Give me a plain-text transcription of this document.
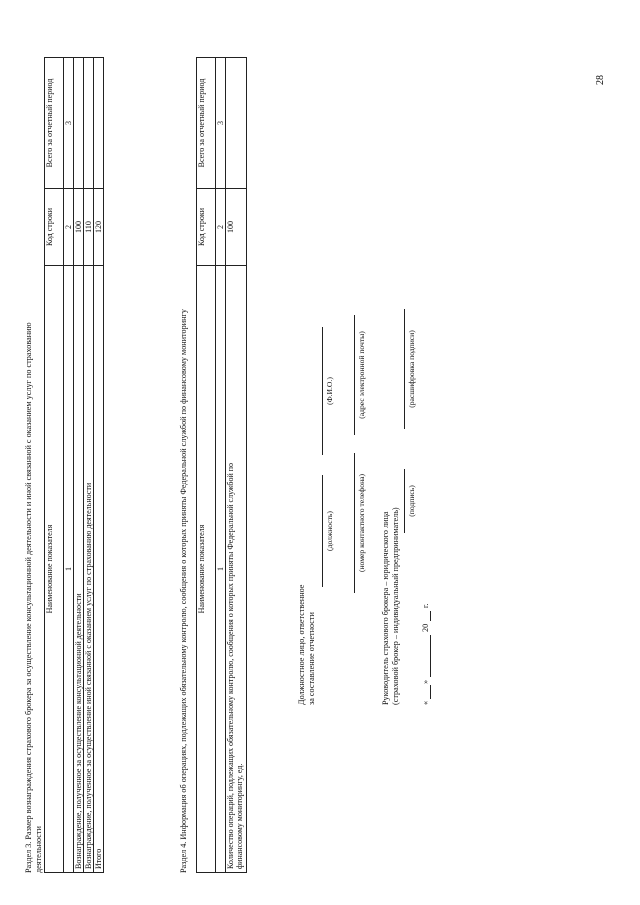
28
Раздел 3. Размер вознаграждения страхового брокера за осуществление консультационной деятельности и иной связанной с оказанием услуг по страхованию деятельности
Наименование показателя	Код строки	Всего за отчетный период
1	2	3
Вознаграждение, полученное за осуществление консультационной деятельности	100	
Вознаграждение, полученное за осуществление иной связанной с оказанием услуг по страхованию деятельности	110	
Итого	120	
Раздел 4. Информация об операциях, подлежащих обязательному контролю, сообщения о которых приняты Федеральной службой по финансовому мониторингу Наименование показателя	Код строки	Всего за отчетный период
1	2	3

Количество операций, подлежащих обязательному контролю, сообщения о которых приняты Федеральной службой по финансовому мониторингу, ед.	100	
Должностное лицо, ответственное за составление отчетности
(должность)
(Ф.И.О.)
(номер контактного телефона)
(адрес электронной почты)
Руководитель страхового брокера – юридического лица (страховой брокер – индивидуальный предприниматель)
(подпись)
(расшифровка подписи)
«
»
20
г.
